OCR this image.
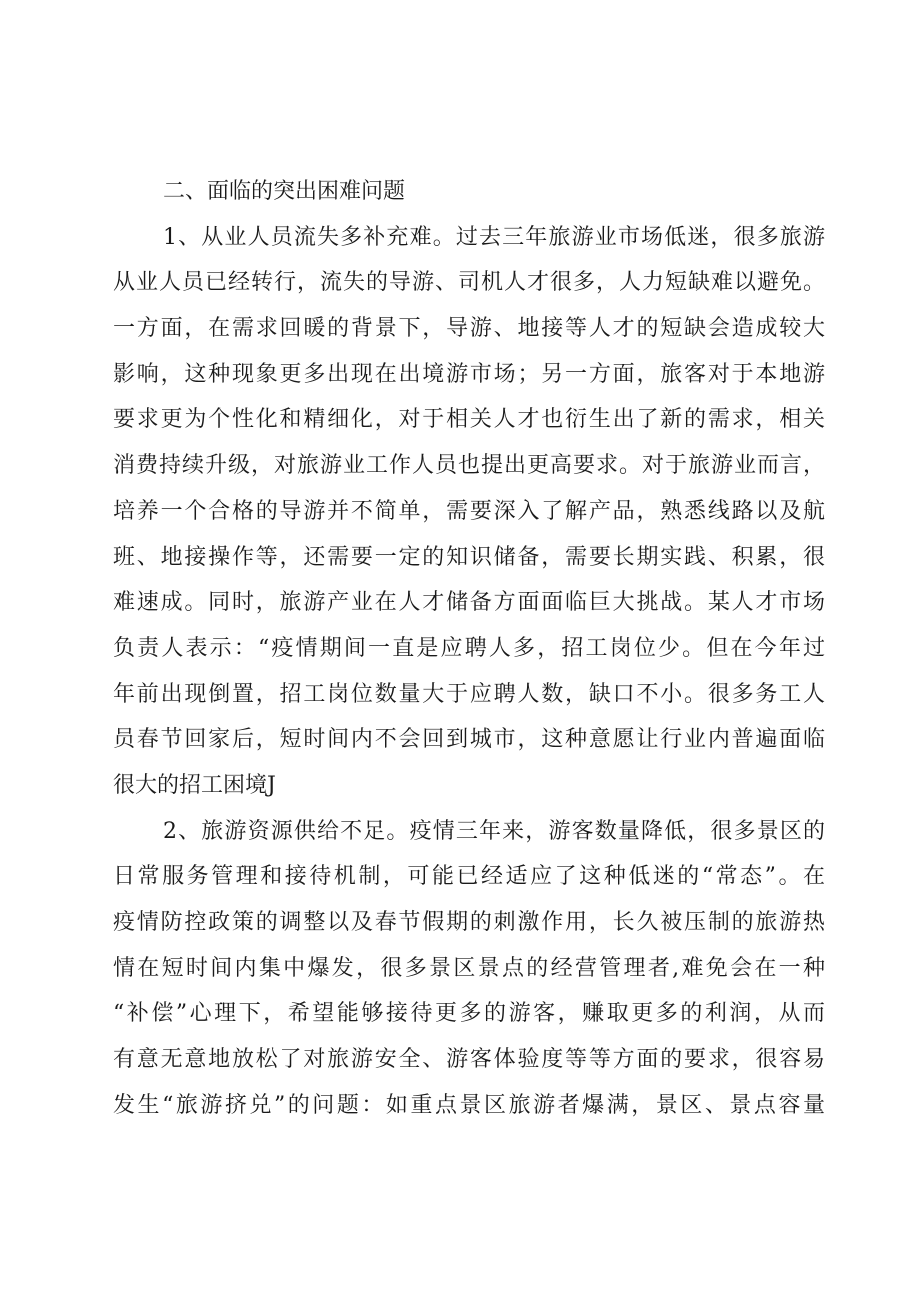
二、面临的突出困难问题
1、从业人员流失多补充难。过去三年旅游业市场低迷，很多旅游
从业人员已经转行，流失的导游、司机人才很多，人力短缺难以避免。
一方面，在需求回暖的背景下，导游、地接等人才的短缺会造成较大
影响，这种现象更多出现在出境游市场；另一方面，旅客对于本地游
要求更为个性化和精细化，对于相关人才也衍生出了新的需求，相关
消费持续升级，对旅游业工作人员也提出更高要求。对于旅游业而言，
培养一个合格的导游并不简单，需要深入了解产品，熟悉线路以及航
班、地接操作等，还需要一定的知识储备，需要长期实践、积累，很
难速成。同时，旅游产业在人才储备方面面临巨大挑战。某人才市场
负责人表示：“疫情期间一直是应聘人多，招工岗位少。但在今年过
年前出现倒置，招工岗位数量大于应聘人数，缺口不小。很多务工人
员春节回家后，短时间内不会回到城市，这种意愿让行业内普遍面临
很大的招工困境J
2、旅游资源供给不足。疫情三年来，游客数量降低，很多景区的
日常服务管理和接待机制，可能已经适应了这种低迷的“常态”。在
疫情防控政策的调整以及春节假期的刺激作用，长久被压制的旅游热
情在短时间内集中爆发，很多景区景点的经营管理者,难免会在一种
“补偿”心理下，希望能够接待更多的游客，赚取更多的利润，从而
有意无意地放松了对旅游安全、游客体验度等等方面的要求，很容易
发生“旅游挤兑”的问题：如重点景区旅游者爆满，景区、景点容量
